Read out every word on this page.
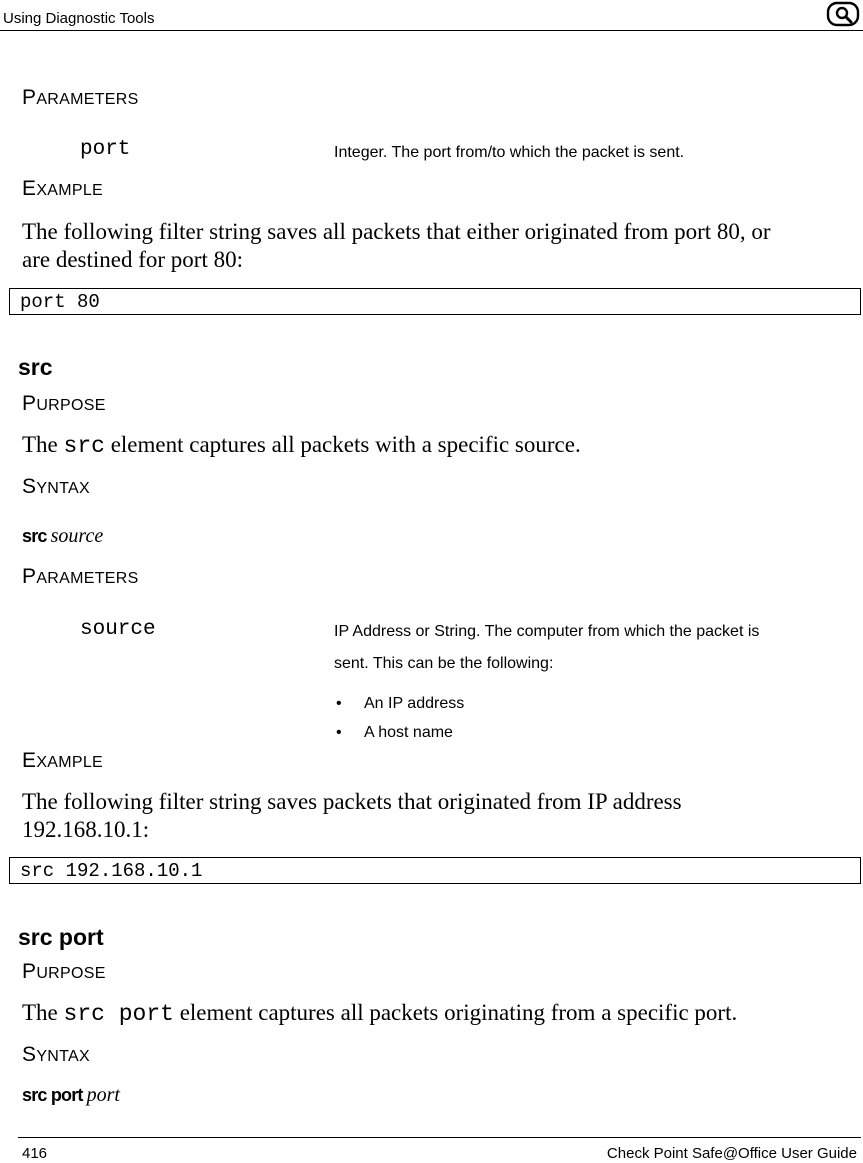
Using Diagnostic Tools
PARAMETERS
port	Integer. The port from/to which the packet is sent.
EXAMPLE
The following filter string saves all packets that either originated from port 80, or
are destined for port 80:
port 80
src
PURPOSE
The src element captures all packets with a specific source.
SYNTAX
src source
PARAMETERS
source	IP Address or String. The computer from which the packet is
sent. This can be the following:
• An IP address
• A host name
EXAMPLE
The following filter string saves packets that originated from IP address
192.168.10.1:
src 192.168.10.1
src port
PURPOSE
The src port element captures all packets originating from a specific port.
SYNTAX
src port port
416	Check Point Safe@Office User Guide
